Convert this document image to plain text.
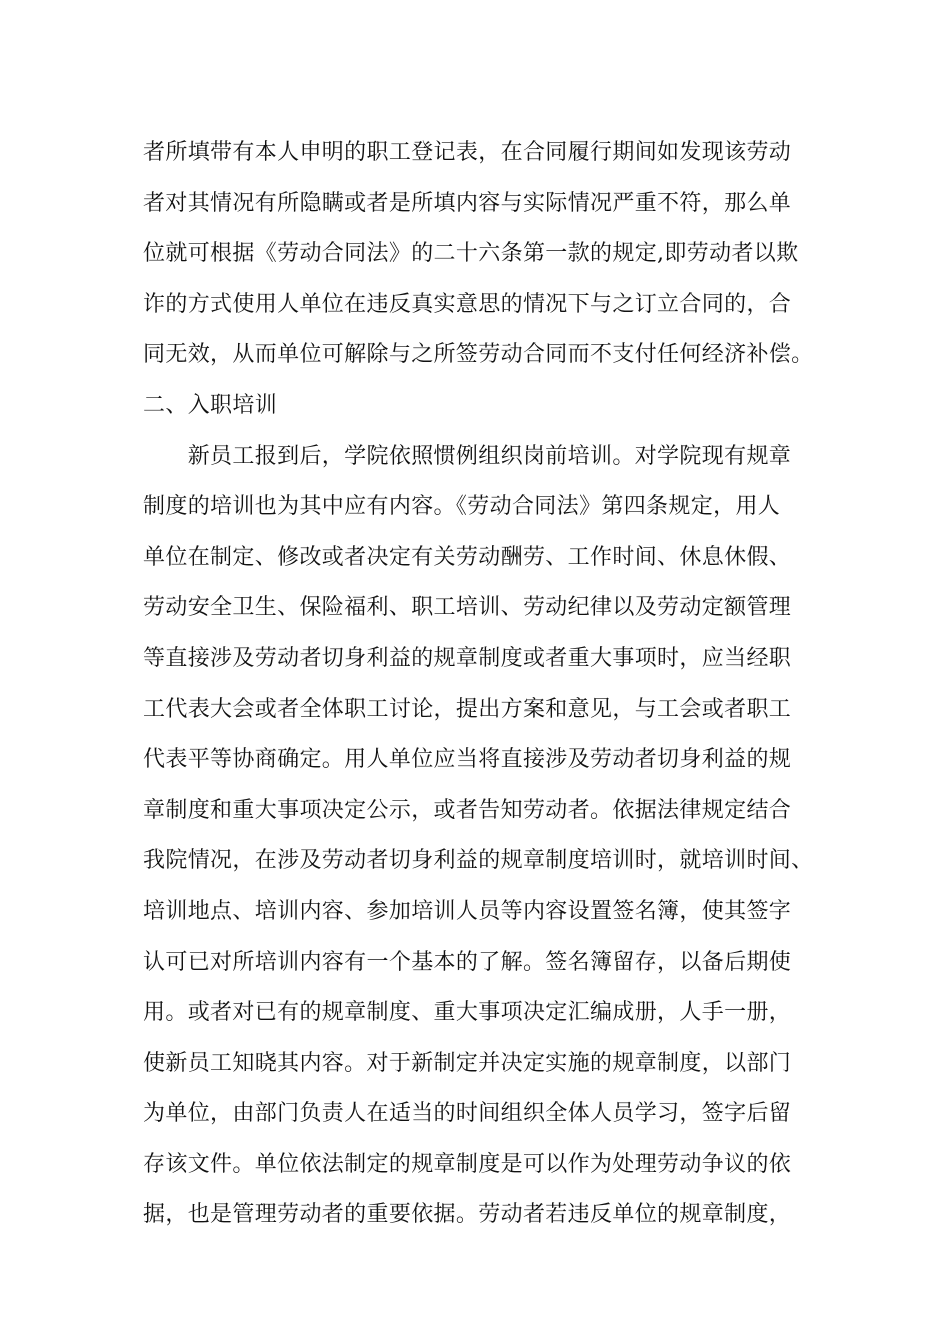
者所填带有本人申明的职工登记表，在合同履行期间如发现该劳动
者对其情况有所隐瞒或者是所填内容与实际情况严重不符，那么单
位就可根据《劳动合同法》的二十六条第一款的规定,即劳动者以欺
诈的方式使用人单位在违反真实意思的情况下与之订立合同的，合
同无效，从而单位可解除与之所签劳动合同而不支付任何经济补偿。
二、入职培训
　　新员工报到后，学院依照惯例组织岗前培训。对学院现有规章
制度的培训也为其中应有内容。《劳动合同法》第四条规定，用人
单位在制定、修改或者决定有关劳动酬劳、工作时间、休息休假、
劳动安全卫生、保险福利、职工培训、劳动纪律以及劳动定额管理
等直接涉及劳动者切身利益的规章制度或者重大事项时，应当经职
工代表大会或者全体职工讨论，提出方案和意见，与工会或者职工
代表平等协商确定。用人单位应当将直接涉及劳动者切身利益的规
章制度和重大事项决定公示，或者告知劳动者。依据法律规定结合
我院情况，在涉及劳动者切身利益的规章制度培训时，就培训时间、
培训地点、培训内容、参加培训人员等内容设置签名簿，使其签字
认可已对所培训内容有一个基本的了解。签名簿留存，以备后期使
用。或者对已有的规章制度、重大事项决定汇编成册，人手一册，
使新员工知晓其内容。对于新制定并决定实施的规章制度，以部门
为单位，由部门负责人在适当的时间组织全体人员学习，签字后留
存该文件。单位依法制定的规章制度是可以作为处理劳动争议的依
据，也是管理劳动者的重要依据。劳动者若违反单位的规章制度，
